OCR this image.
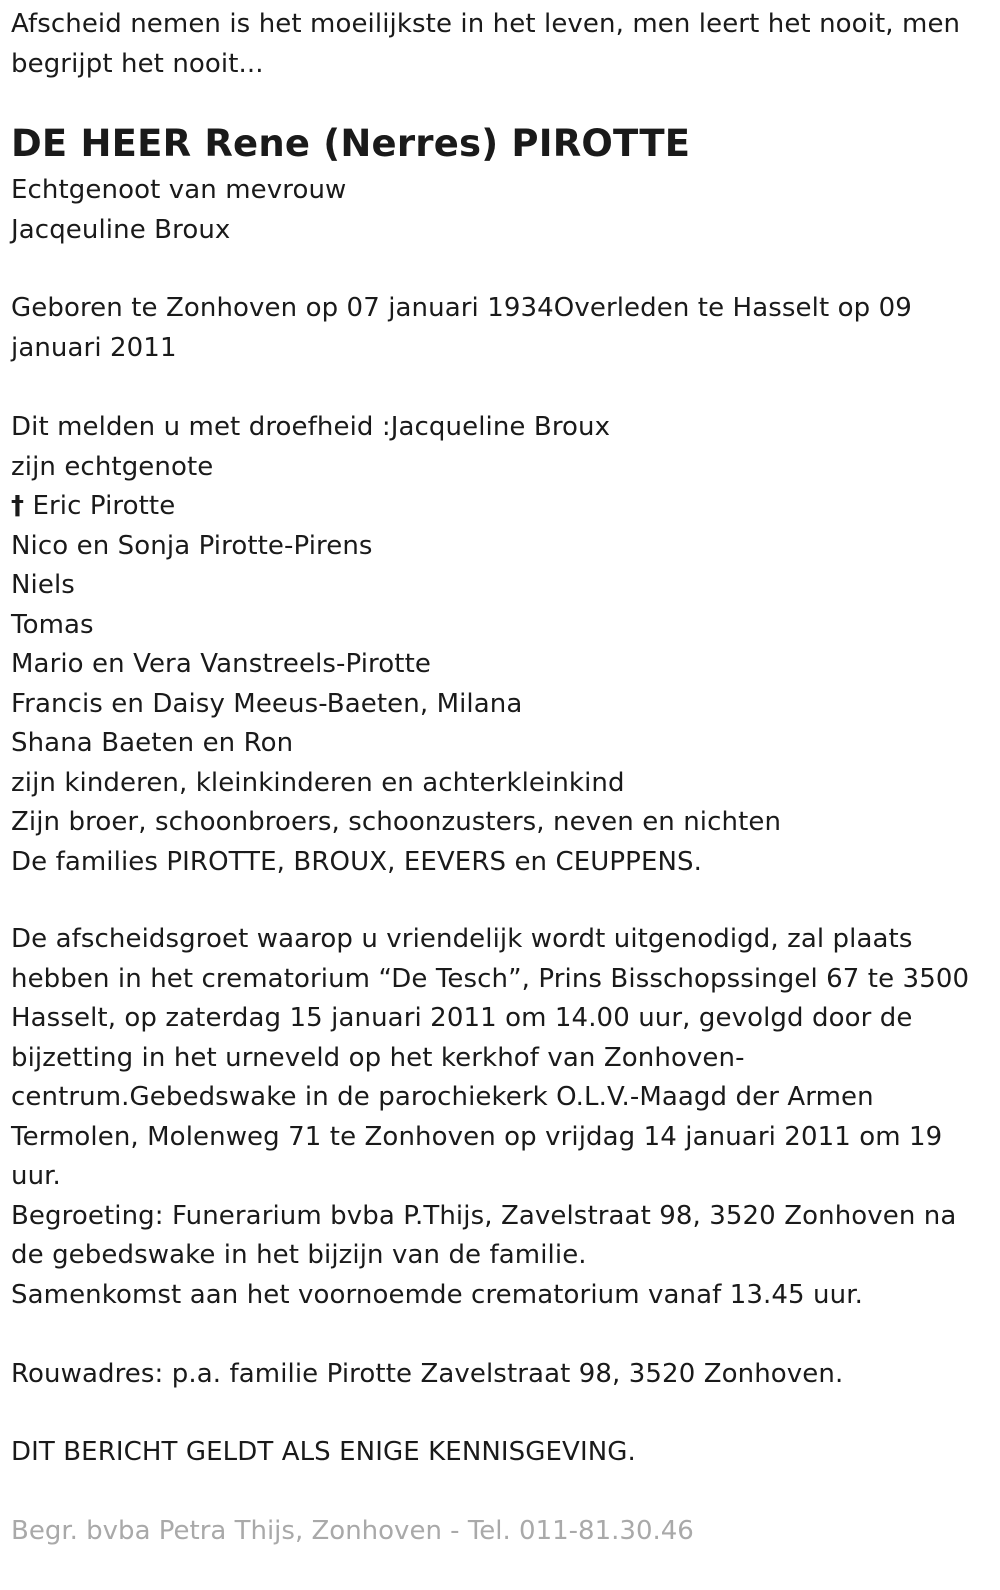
Afscheid nemen is het moeilijkste in het leven, men leert het nooit, men begrijpt het nooit...

DE HEER Rene (Nerres) PIROTTE

Echtgenoot van mevrouw

Jacqeuline Broux

Geboren te Zonhoven op 07 januari 1934Overleden te Hasselt op 09 januari 2011

Dit melden u met droefheid :Jacqueline Broux

zijn echtgenote

† Eric Pirotte

Nico en Sonja Pirotte-Pirens

Niels

Tomas

Mario en Vera Vanstreels-Pirotte

Francis en Daisy Meeus-Baeten, Milana

Shana Baeten en Ron

zijn kinderen, kleinkinderen en achterkleinkind

Zijn broer, schoonbroers, schoonzusters, neven en nichten

De families PIROTTE, BROUX, EEVERS en CEUPPENS.

De afscheidsgroet waarop u vriendelijk wordt uitgenodigd, zal plaats hebben in het crematorium “De Tesch”, Prins Bisschopssingel 67 te 3500 Hasselt, op zaterdag 15 januari 2011 om 14.00 uur, gevolgd door de bijzetting in het urneveld op het kerkhof van Zonhoven-centrum.Gebedswake in de parochiekerk O.L.V.-Maagd der Armen Termolen, Molenweg 71 te Zonhoven op vrijdag 14 januari 2011 om 19 uur.

Begroeting: Funerarium bvba P.Thijs, Zavelstraat 98, 3520 Zonhoven na de gebedswake in het bijzijn van de familie.

Samenkomst aan het voornoemde crematorium vanaf 13.45 uur.

Rouwadres: p.a. familie Pirotte Zavelstraat 98, 3520 Zonhoven.

DIT BERICHT GELDT ALS ENIGE KENNISGEVING.

Begr. bvba Petra Thijs, Zonhoven - Tel. 011-81.30.46
